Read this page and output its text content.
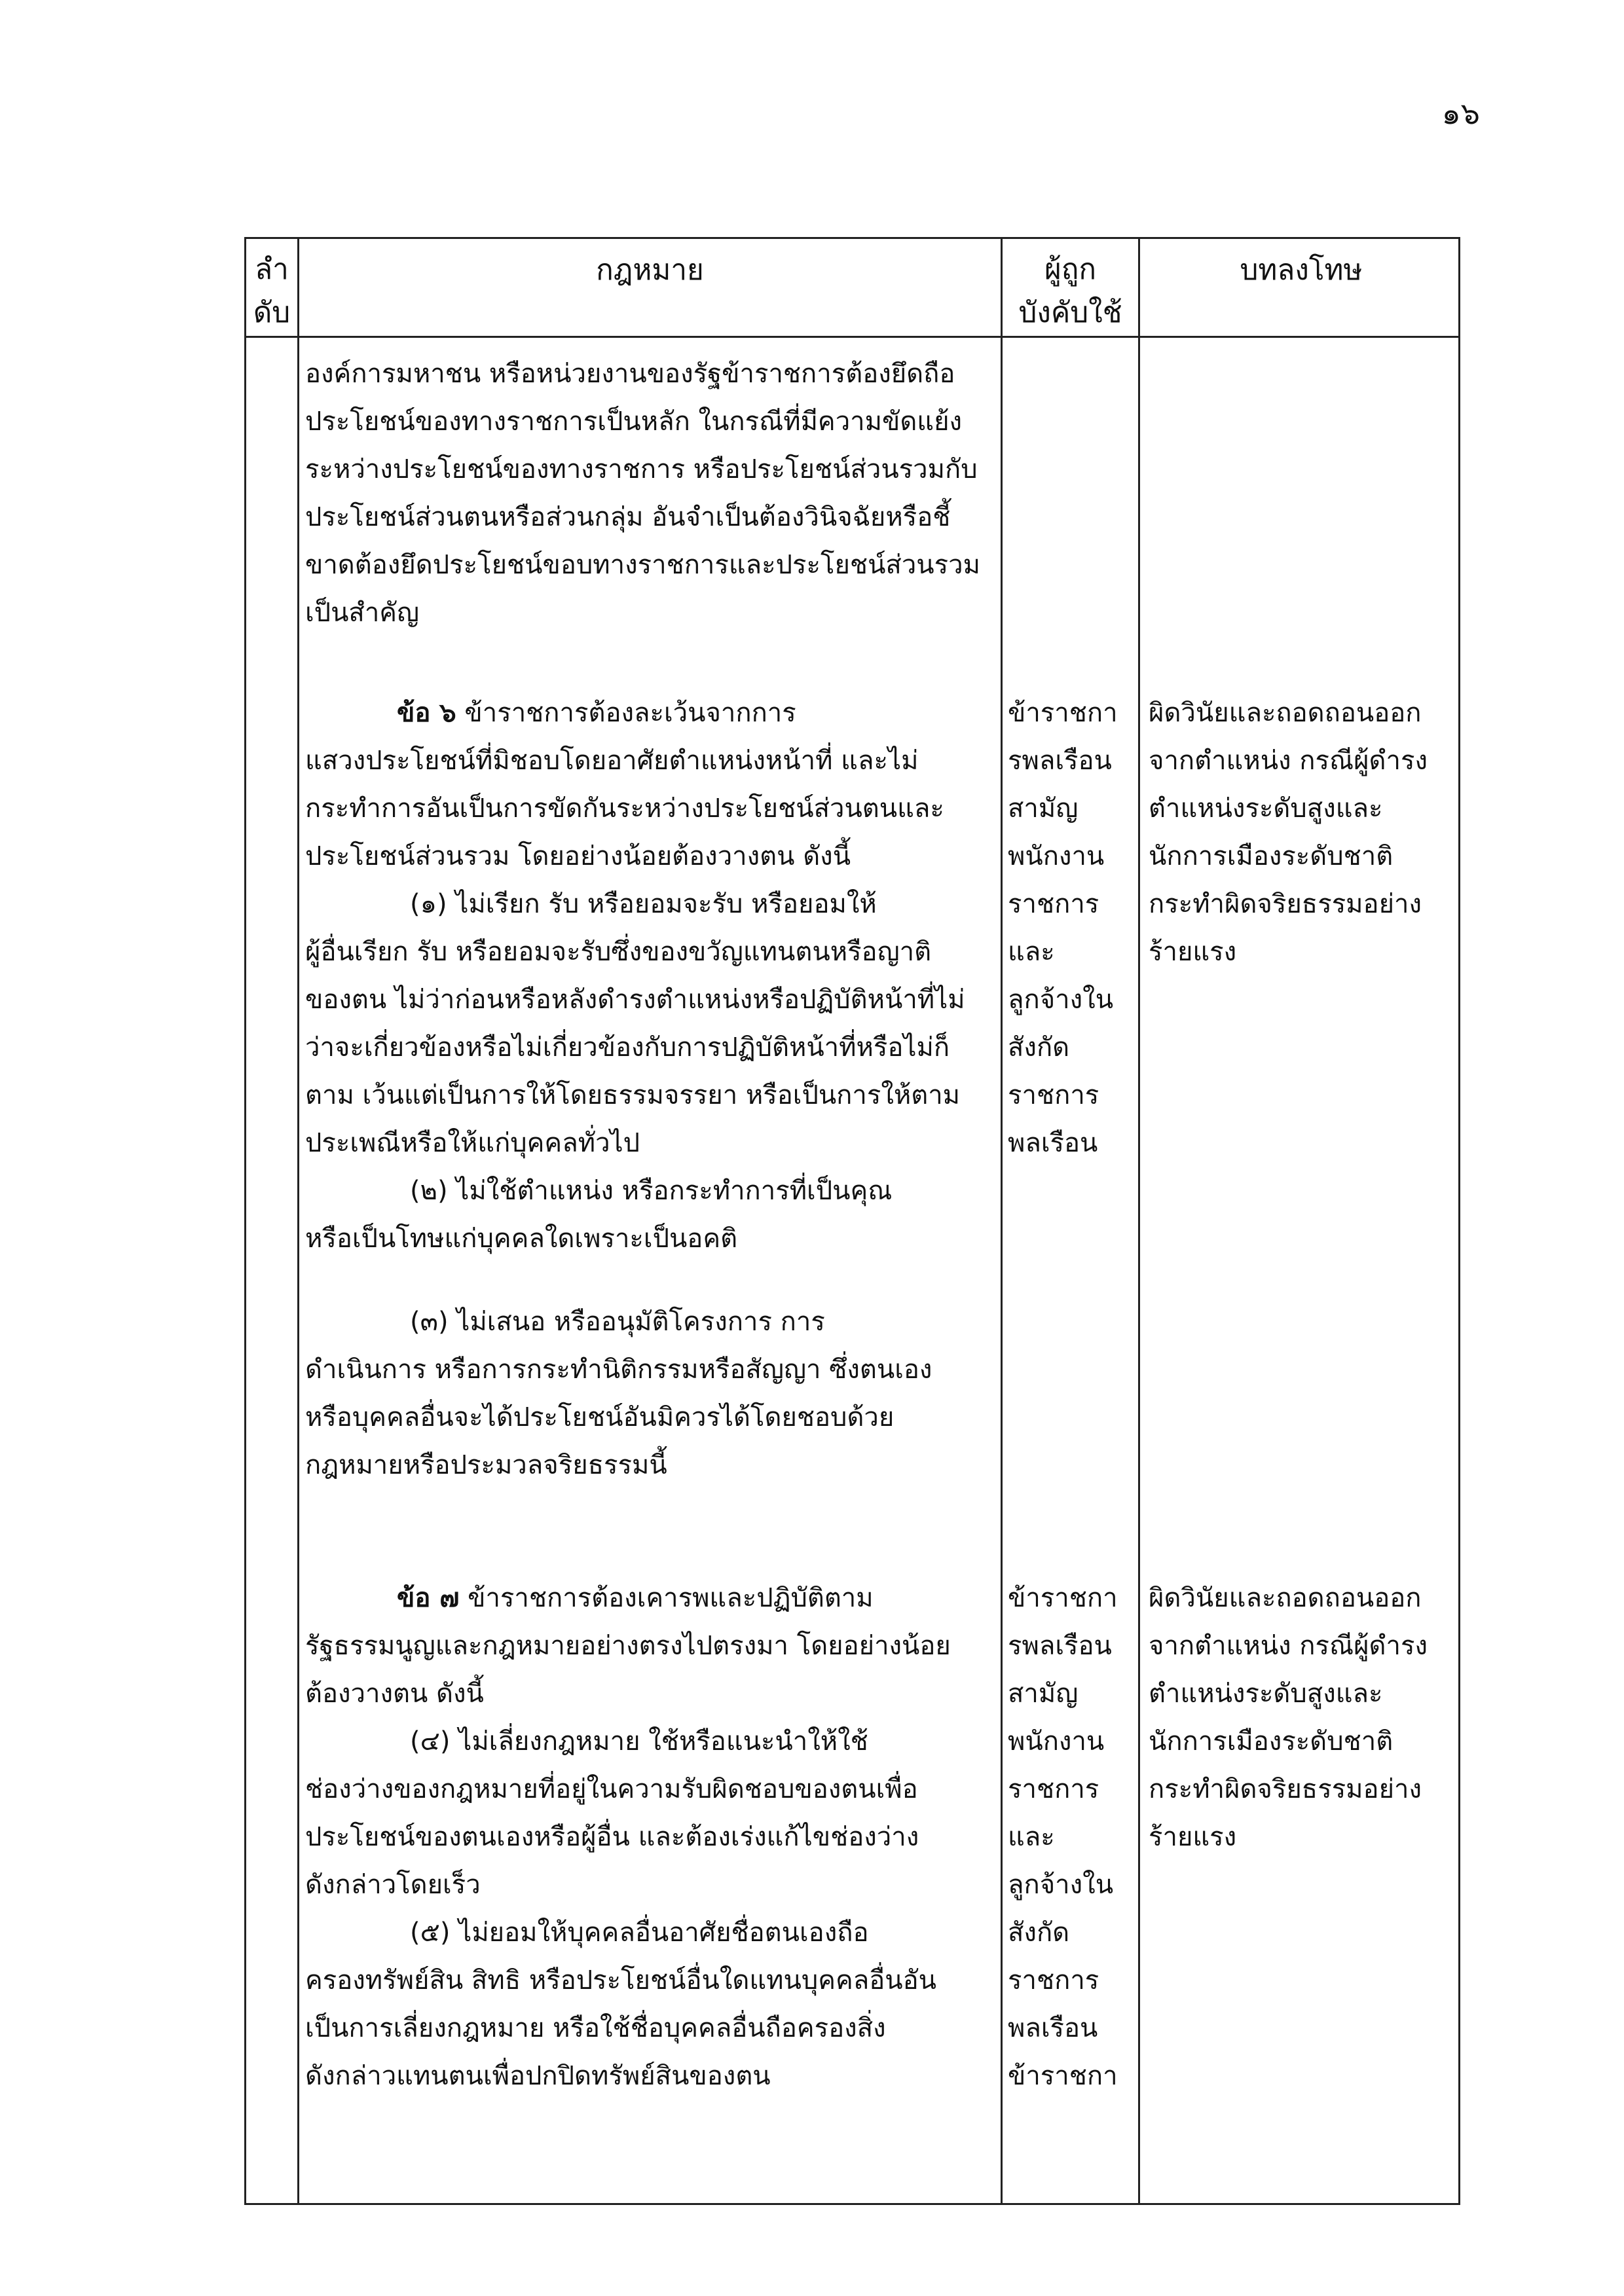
๑๖
ลำ
ดับ
กฎหมาย	ผู้ถูก
บังคับใช้
บทลงโทษ

องค์การมหาชน หรือหน่วยงานของรัฐข้าราชการต้องยึดถือ

ประโยชน์ของทางราชการเป็นหลัก ในกรณีที่มีความขัดแย้ง

ระหว่างประโยชน์ของทางราชการ หรือประโยชน์ส่วนรวมกับ

ประโยชน์ส่วนตนหรือส่วนกลุ่ม อันจำเป็นต้องวินิจฉัยหรือชี้

ขาดต้องยึดประโยชน์ขอบทางราชการและประโยชน์ส่วนรวม

เป็นสำคัญ

ข้อ ๖ ข้าราชการต้องละเว้นจากการ

แสวงประโยชน์ที่มิชอบโดยอาศัยตำแหน่งหน้าที่ และไม่

กระทำการอันเป็นการขัดกันระหว่างประโยชน์ส่วนตนและ

ประโยชน์ส่วนรวม โดยอย่างน้อยต้องวางตน ดังนี้

(๑) ไม่เรียก รับ หรือยอมจะรับ หรือยอมให้

ผู้อื่นเรียก รับ หรือยอมจะรับซึ่งของขวัญแทนตนหรือญาติ

ของตน ไม่ว่าก่อนหรือหลังดำรงตำแหน่งหรือปฏิบัติหน้าที่ไม่

ว่าจะเกี่ยวข้องหรือไม่เกี่ยวข้องกับการปฏิบัติหน้าที่หรือไม่ก็

ตาม เว้นแต่เป็นการให้โดยธรรมจรรยา หรือเป็นการให้ตาม

ประเพณีหรือให้แก่บุคคลทั่วไป

(๒) ไม่ใช้ตำแหน่ง หรือกระทำการที่เป็นคุณ

หรือเป็นโทษแก่บุคคลใดเพราะเป็นอคติ

(๓) ไม่เสนอ หรืออนุมัติโครงการ การ

ดำเนินการ หรือการกระทำนิติกรรมหรือสัญญา ซึ่งตนเอง

หรือบุคคลอื่นจะได้ประโยชน์อันมิควรได้โดยชอบด้วย

กฎหมายหรือประมวลจริยธรรมนี้

ข้าราชกา

รพลเรือน

สามัญ

พนักงาน

ราชการ

และ

ลูกจ้างใน

สังกัด

ราชการ

พลเรือน

ผิดวินัยและถอดถอนออก

จากตำแหน่ง กรณีผู้ดำรง

ตำแหน่งระดับสูงและ

นักการเมืองระดับชาติ

กระทำผิดจริยธรรมอย่าง

ร้ายแรง

ข้อ ๗ ข้าราชการต้องเคารพและปฏิบัติตาม

รัฐธรรมนูญและกฎหมายอย่างตรงไปตรงมา โดยอย่างน้อย

ต้องวางตน ดังนี้

(๔) ไม่เลี่ยงกฎหมาย ใช้หรือแนะนำให้ใช้

ช่องว่างของกฎหมายที่อยู่ในความรับผิดชอบของตนเพื่อ

ประโยชน์ของตนเองหรือผู้อื่น และต้องเร่งแก้ไขช่องว่าง

ดังกล่าวโดยเร็ว

(๕) ไม่ยอมให้บุคคลอื่นอาศัยชื่อตนเองถือ

ครองทรัพย์สิน สิทธิ หรือประโยชน์อื่นใดแทนบุคคลอื่นอัน

เป็นการเลี่ยงกฎหมาย หรือใช้ชื่อบุคคลอื่นถือครองสิ่ง

ดังกล่าวแทนตนเพื่อปกปิดทรัพย์สินของตน

ข้าราชกา

รพลเรือน

สามัญ

พนักงาน

ราชการ

และ

ลูกจ้างใน

สังกัด

ราชการ

พลเรือน

ข้าราชกา

ผิดวินัยและถอดถอนออก

จากตำแหน่ง กรณีผู้ดำรง

ตำแหน่งระดับสูงและ

นักการเมืองระดับชาติ

กระทำผิดจริยธรรมอย่าง

ร้ายแรง
